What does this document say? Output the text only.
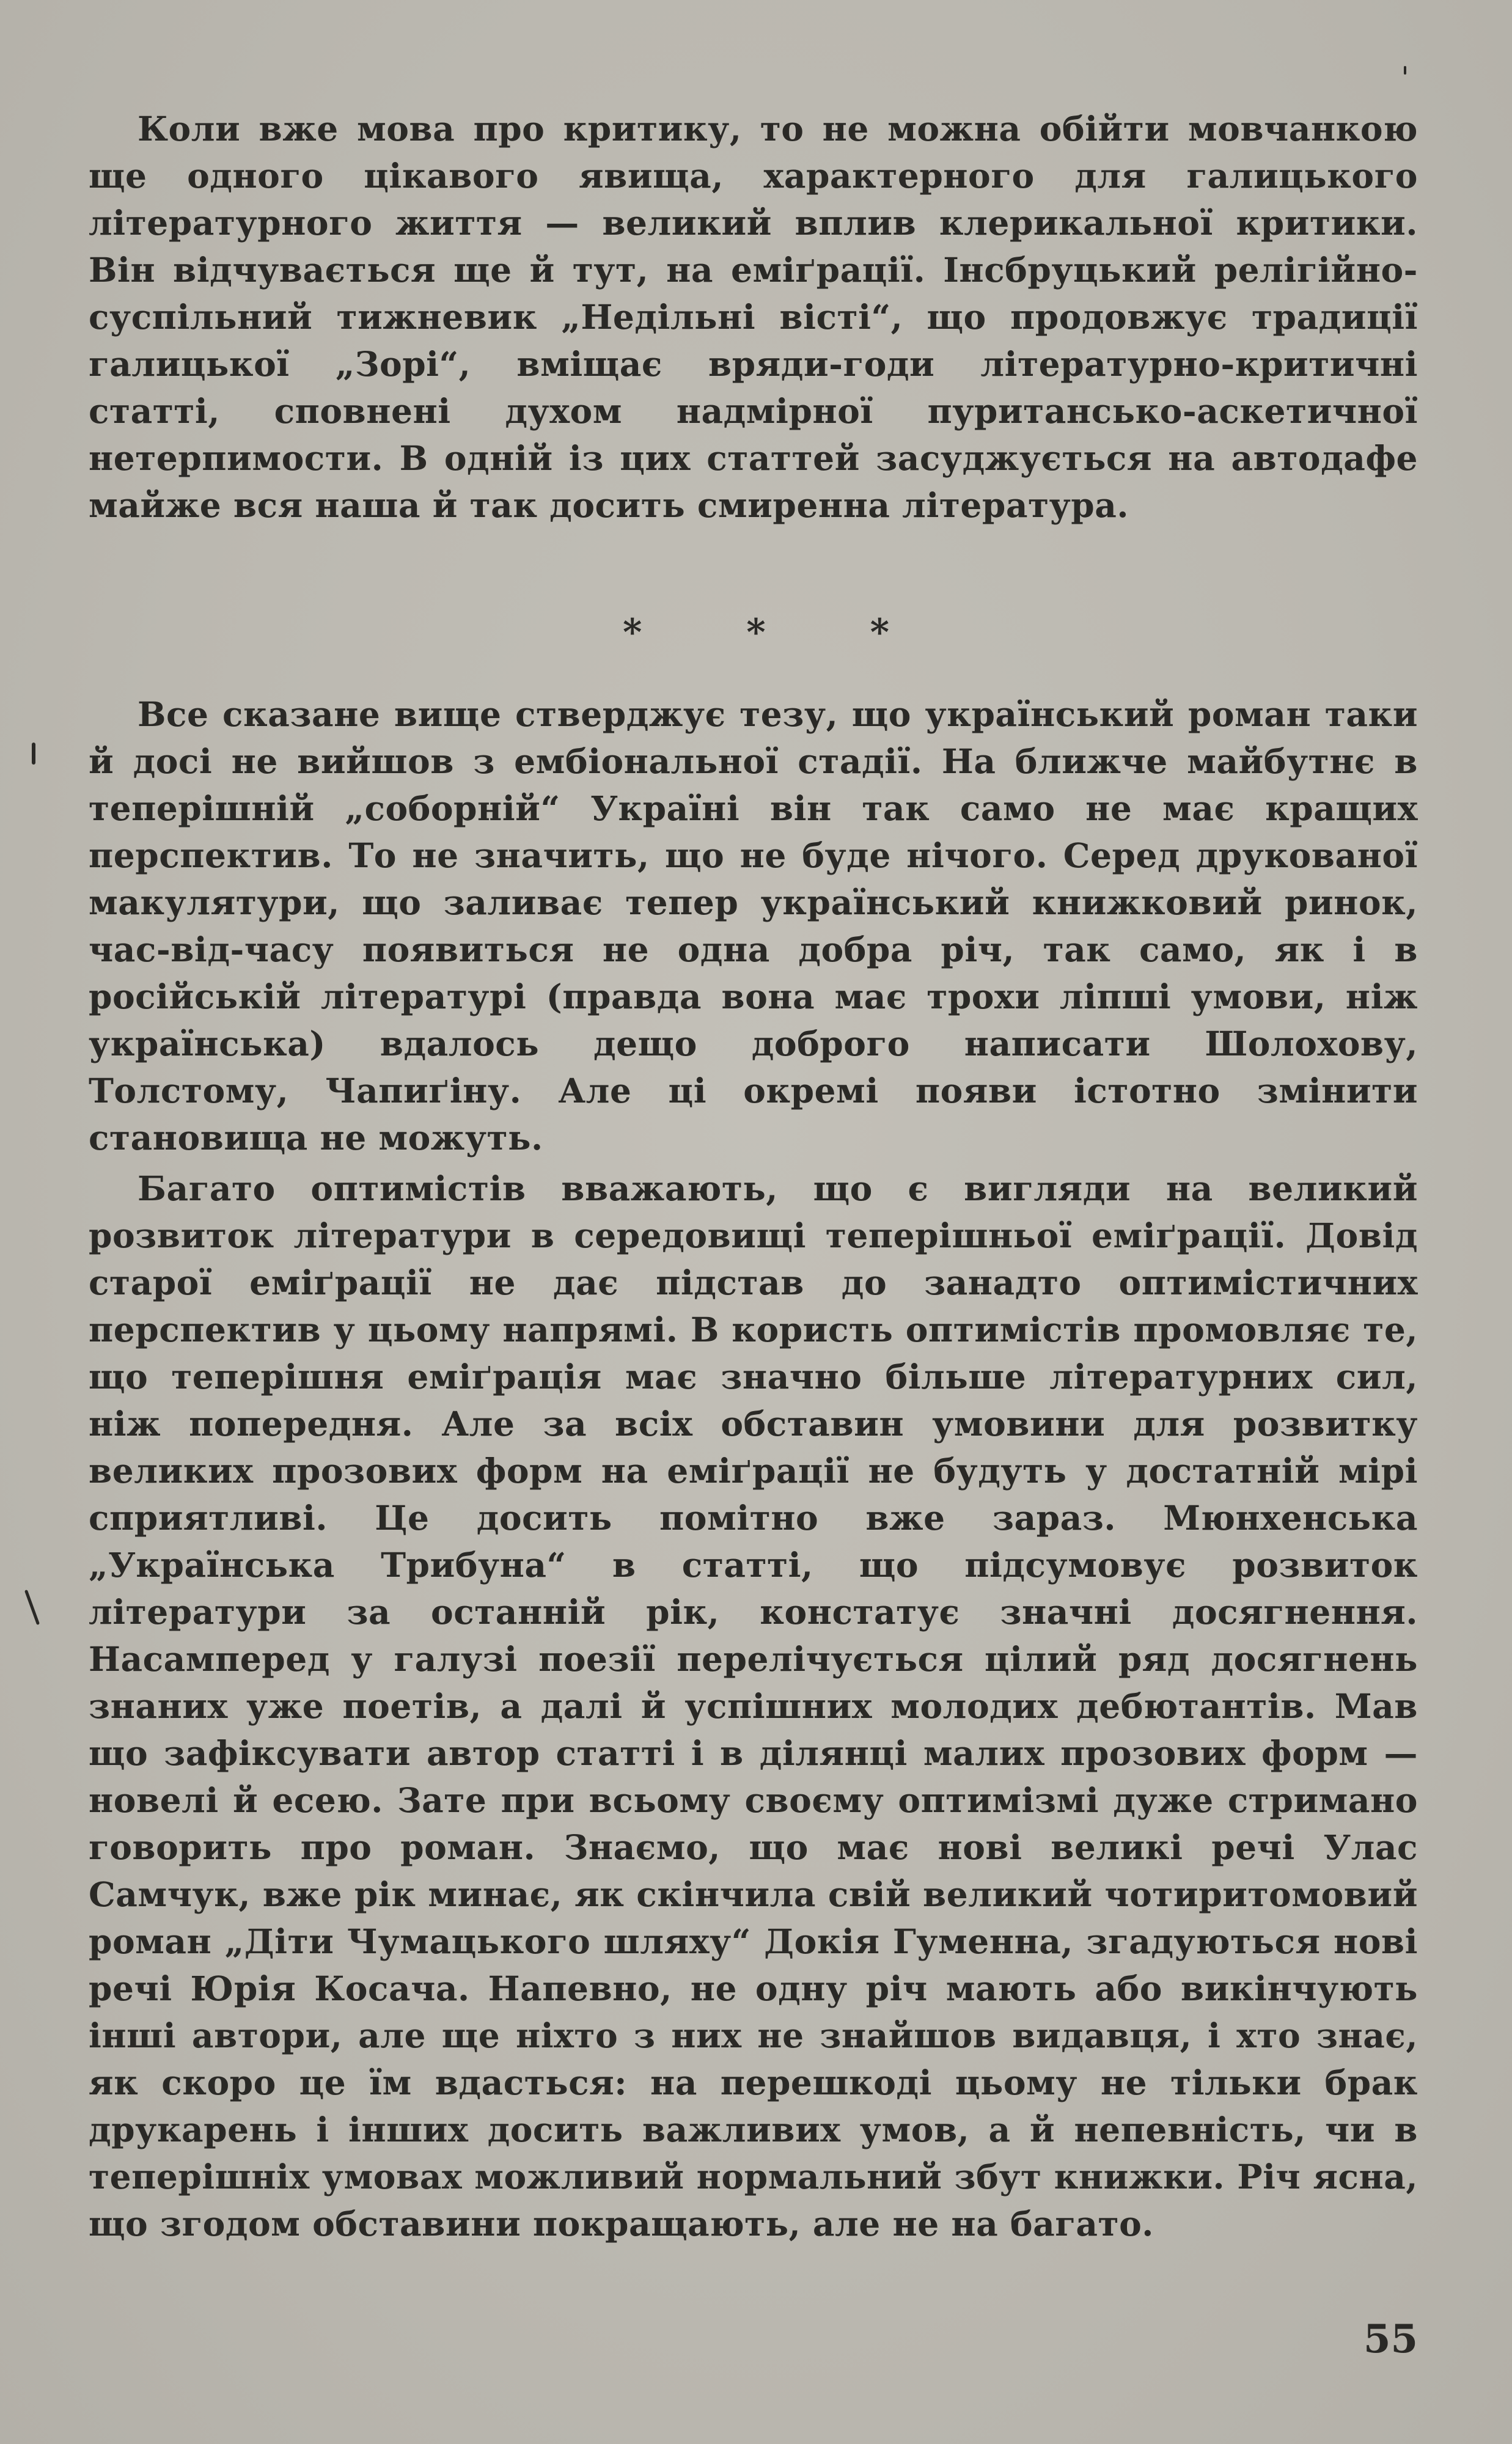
Коли вже мова про критику, то не можна обійти мовчанкою ще одного цікавого явища, характерного для галицького літературного життя — великий вплив клерикальної критики. Він відчувається ще й тут, на еміґрації. Інсбруцький релігійно-суспільний тижневик „Недільні вісті“, що продовжує традиції галицької „Зорі“, вміщає вряди-годи літературно-критичні статті, сповнені духом надмірної пуританськo-аскетичної нетерпимости. В одній із цих статтей засуджується на автодафе майже вся наша й так досить смиренна література.

* * *

Все сказане вище стверджує тезу, що український роман таки й досі не вийшов з ембіональної стадії. На ближче майбутнє в теперішній „соборній“ Україні він так само не має кращих перспектив. То не значить, що не буде нічого. Серед друкованої макулятури, що заливає тепер український книжковий ринок, час-від-часу появиться не одна добра річ, так само, як і в російській літературі (правда вона має трохи ліпші умови, ніж українська) вдалось дещо доброго написати Шолохову, Толстому, Чапиґіну. Але ці окремі появи істотно змінити становища не можуть.

Багато оптимістів вважають, що є вигляди на великий розвиток літератури в середовищі теперішньої еміґрації. Довід старої еміґрації не дає підстав до занадто оптимістичних перспектив у цьому напрямі. В користь оптимістів промовляє те, що теперішня еміґрація має значно більше літературних сил, ніж попередня. Але за всіх обставин умовини для розвитку великих прозових форм на еміґрації не будуть у достатній мірі сприятливі. Це досить помітно вже зараз. Мюнхенська „Українська Трибуна“ в статті, що підсумовує розвиток літератури за останній рік, констатує значні досягнення. Насамперед у галузі поезії перелічується цілий ряд досягнень знаних уже поетів, а далі й успішних молодих дебютантів. Мав що зафіксувати автор статті і в ділянці малих прозових форм — новелі й есею. Зате при всьому своєму оптимізмі дуже стримано говорить про роман. Знаємо, що має нові великі речі Улас Самчук, вже рік минає, як скінчила свій великий чотиритомовий роман „Діти Чумацького шляху“ Докія Гуменна, згадуються нові речі Юрія Косача. Напевно, не одну річ мають або викінчують інші автори, але ще ніхто з них не знайшов видавця, і хто знає, як скоро це їм вдасться: на перешкоді цьому не тільки брак друкарень і інших досить важливих умов, а й непевність, чи в теперішніх умовах можливий нормальний збут книжки. Річ ясна, що згодом обставини покращають, але не на багато.

55
